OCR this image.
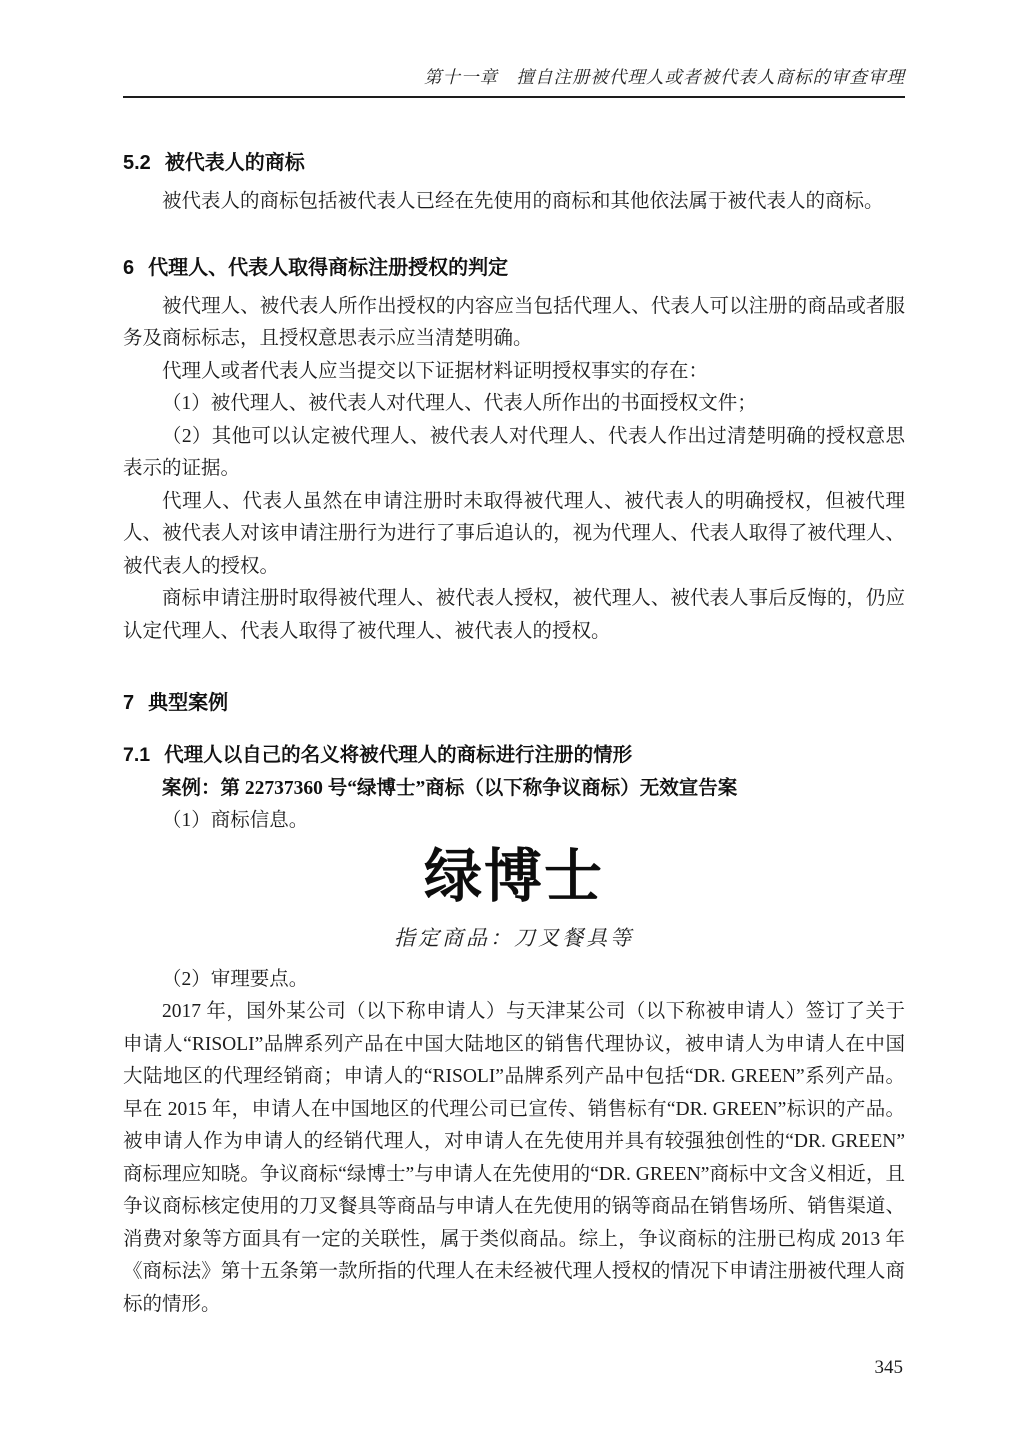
第十一章　擅自注册被代理人或者被代表人商标的审查审理
5.2 被代表人的商标

被代表人的商标包括被代表人已经在先使用的商标和其他依法属于被代表人的商标。

6 代理人、代表人取得商标注册授权的判定

被代理人、被代表人所作出授权的内容应当包括代理人、代表人可以注册的商品或者服务及商标标志，且授权意思表示应当清楚明确。

代理人或者代表人应当提交以下证据材料证明授权事实的存在：

（1）被代理人、被代表人对代理人、代表人所作出的书面授权文件；

（2）其他可以认定被代理人、被代表人对代理人、代表人作出过清楚明确的授权意思表示的证据。

代理人、代表人虽然在申请注册时未取得被代理人、被代表人的明确授权，但被代理人、被代表人对该申请注册行为进行了事后追认的，视为代理人、代表人取得了被代理人、被代表人的授权。

商标申请注册时取得被代理人、被代表人授权，被代理人、被代表人事后反悔的，仍应认定代理人、代表人取得了被代理人、被代表人的授权。

7 典型案例
7.1 代理人以自己的名义将被代理人的商标进行注册的情形

案例：第 22737360 号“绿博士”商标（以下称争议商标）无效宣告案

（1）商标信息。

绿博士
指定商品：刀叉餐具等

（2）审理要点。

2017 年，国外某公司（以下称申请人）与天津某公司（以下称被申请人）签订了关于申请人“RISOLI”品牌系列产品在中国大陆地区的销售代理协议，被申请人为申请人在中国大陆地区的代理经销商；申请人的“RISOLI”品牌系列产品中包括“DR. GREEN”系列产品。早在 2015 年，申请人在中国地区的代理公司已宣传、销售标有“DR. GREEN”标识的产品。被申请人作为申请人的经销代理人，对申请人在先使用并具有较强独创性的“DR. GREEN”商标理应知晓。争议商标“绿博士”与申请人在先使用的“DR. GREEN”商标中文含义相近，且争议商标核定使用的刀叉餐具等商品与申请人在先使用的锅等商品在销售场所、销售渠道、消费对象等方面具有一定的关联性，属于类似商品。综上，争议商标的注册已构成 2013 年《商标法》第十五条第一款所指的代理人在未经被代理人授权的情况下申请注册被代理人商标的情形。

345
